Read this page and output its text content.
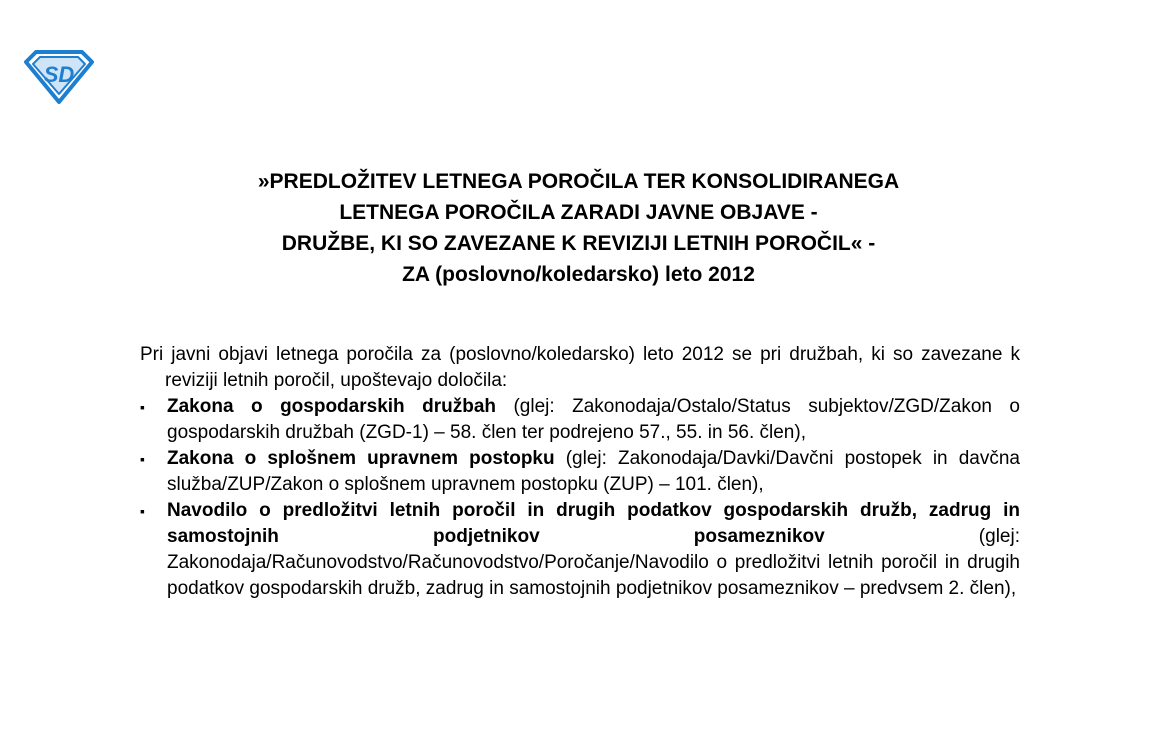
SD
»PREDLOŽITEV LETNEGA POROČILA TER KONSOLIDIRANEGA
LETNEGA POROČILA ZARADI JAVNE OBJAVE -
DRUŽBE, KI SO ZAVEZANE K REVIZIJI LETNIH POROČIL« -
ZA (poslovno/koledarsko) leto 2012

Pri javni objavi letnega poročila za (poslovno/koledarsko) leto 2012 se pri družbah, ki so zavezane k reviziji letnih poročil, upoštevajo določila:

▪	Zakona o gospodarskih družbah (glej: Zakonodaja/Ostalo/Status subjektov/ZGD/Zakon o gospodarskih družbah (ZGD-1) – 58. člen ter podrejeno 57., 55. in 56. člen),
▪	Zakona o splošnem upravnem postopku (glej: Zakonodaja/Davki/Davčni postopek in davčna služba/ZUP/Zakon o splošnem upravnem postopku (ZUP) – 101. člen),
▪	Navodilo o predložitvi letnih poročil in drugih podatkov gospodarskih družb, zadrug in samostojnih podjetnikov posameznikov (glej: Zakonodaja/Računovodstvo/Računovodstvo/Poročanje/Navodilo o predložitvi letnih poročil in drugih podatkov gospodarskih družb, zadrug in samostojnih podjetnikov posameznikov – predvsem 2. člen),
